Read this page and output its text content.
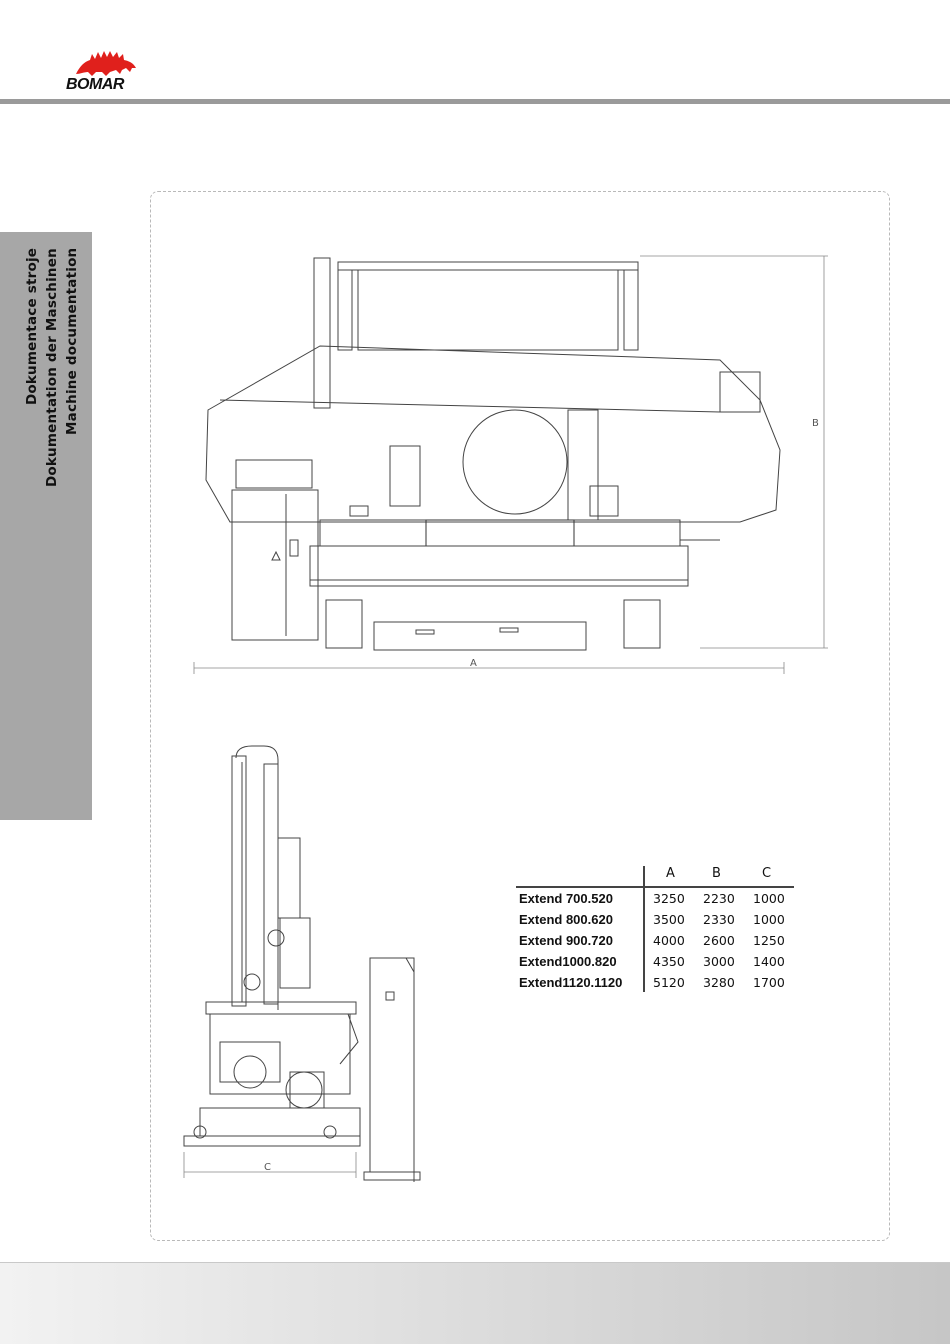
BOMAR
Dokumentace stroje Dokumentation der Maschinen Machine documentation
A
B
C
A	B	C
Extend 700.520	3250 2230 1000
Extend 800.620	3500 2330 1000
Extend 900.720	4000 2600 1250
Extend1000.820	4350 3000 1400
Extend1120.1120 5120 3280 1700
